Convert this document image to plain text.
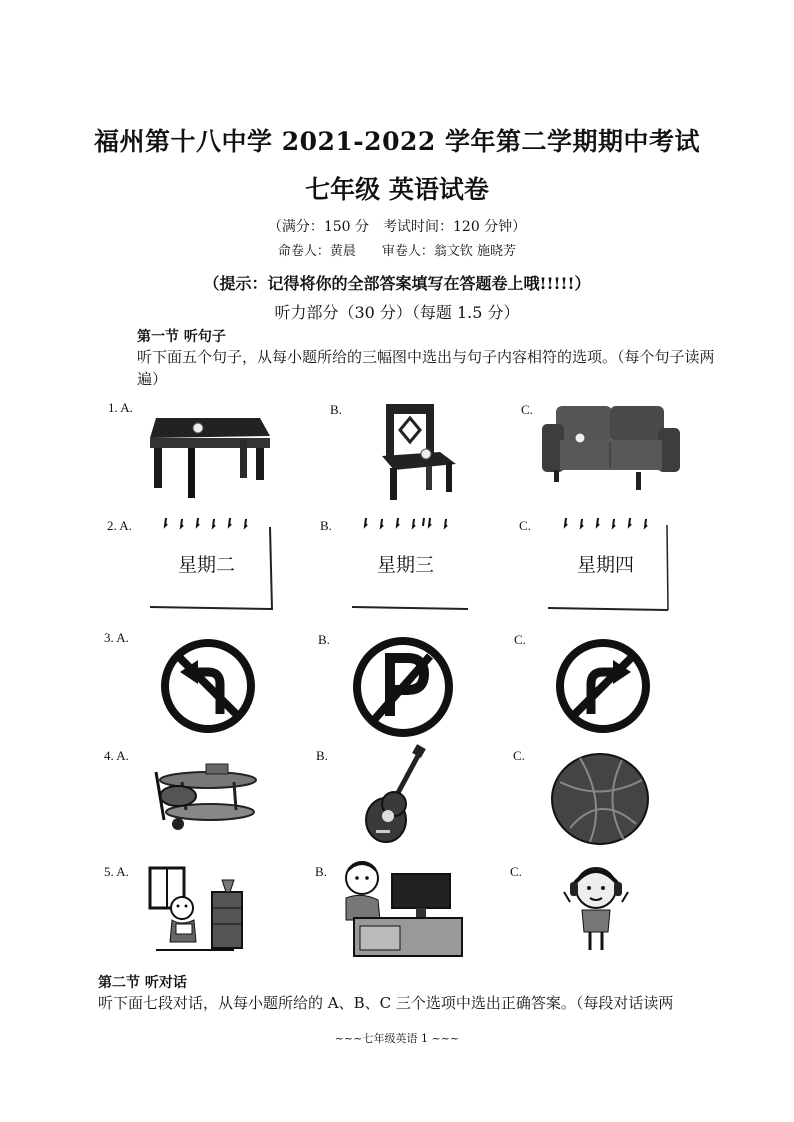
福州第十八中学 2021-2022 学年第二学期期中考试
七年级 英语试卷
（满分：150 分　考试时间：120 分钟）
命卷人：黄晨　　审卷人：翁文钦 施晓芳
（提示：记得将你的全部答案填写在答题卷上哦!!!!!）
听力部分（30 分）（每题 1.5 分）
第一节 听句子
听下面五个句子，从每小题所给的三幅图中选出与句子内容相符的选项。（每个句子读两遍）
1. A.	B.	C.
2. A.	B.	C.
星期二	星期三	星期四
3. A.	B.	C.
4. A.	B.	C.
5. A.	B.	C.
第二节 听对话
听下面七段对话，从每小题所给的 A、B、C 三个选项中选出正确答案。（每段对话读两
~~~七年级英语 1 ~~~
